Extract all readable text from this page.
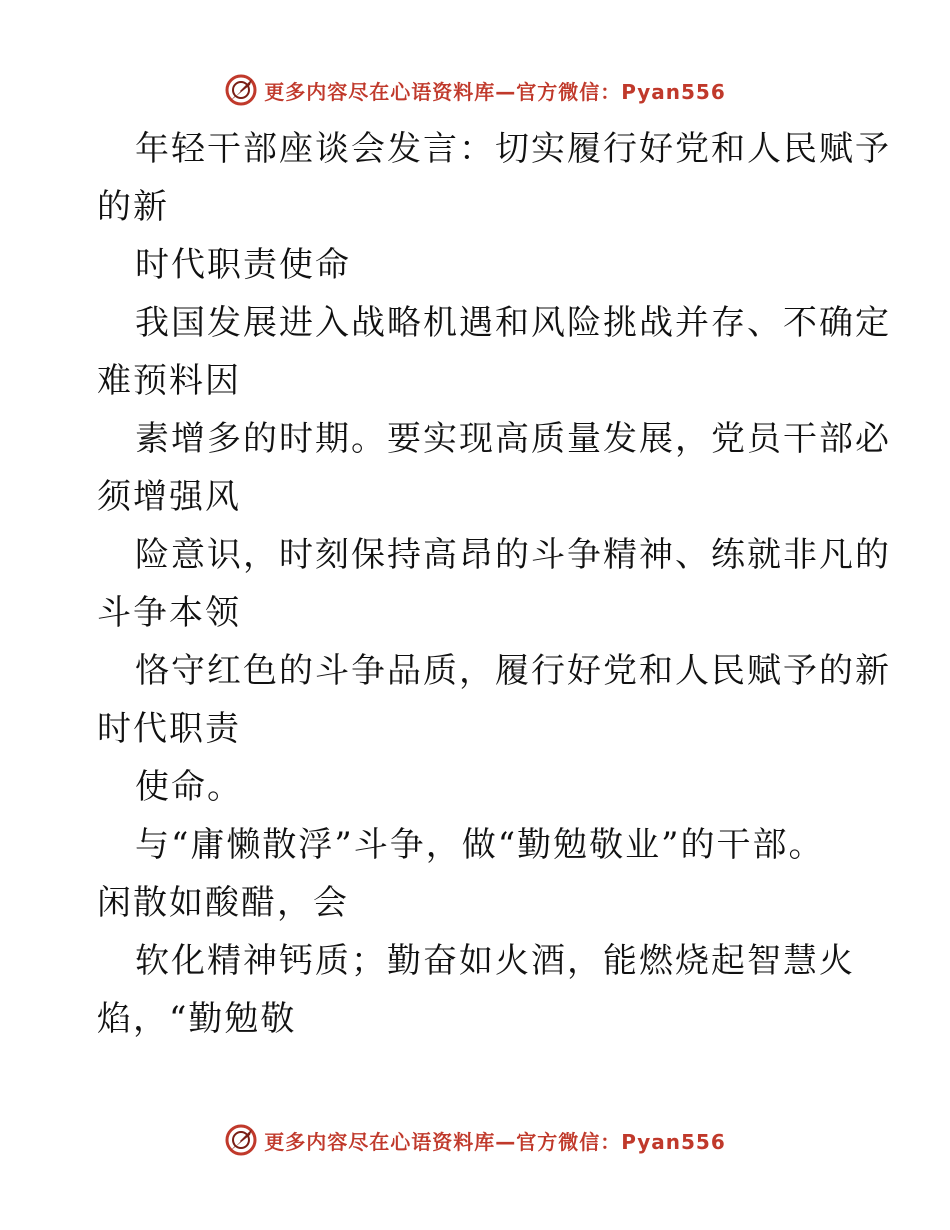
更多内容尽在心语资料库—官方微信：Pyan556
年轻干部座谈会发言：切实履行好党和人民赋予
的新
时代职责使命
我国发展进入战略机遇和风险挑战并存、不确定
难预料因
素增多的时期。要实现高质量发展，党员干部必
须增强风
险意识，时刻保持高昂的斗争精神、练就非凡的
斗争本领
恪守红色的斗争品质，履行好党和人民赋予的新
时代职责
使命。
与“庸懒散浮”斗争，做“勤勉敬业”的干部。
闲散如酸醋，会
软化精神钙质；勤奋如火酒，能燃烧起智慧火
焰，“勤勉敬
更多内容尽在心语资料库—官方微信：Pyan556
